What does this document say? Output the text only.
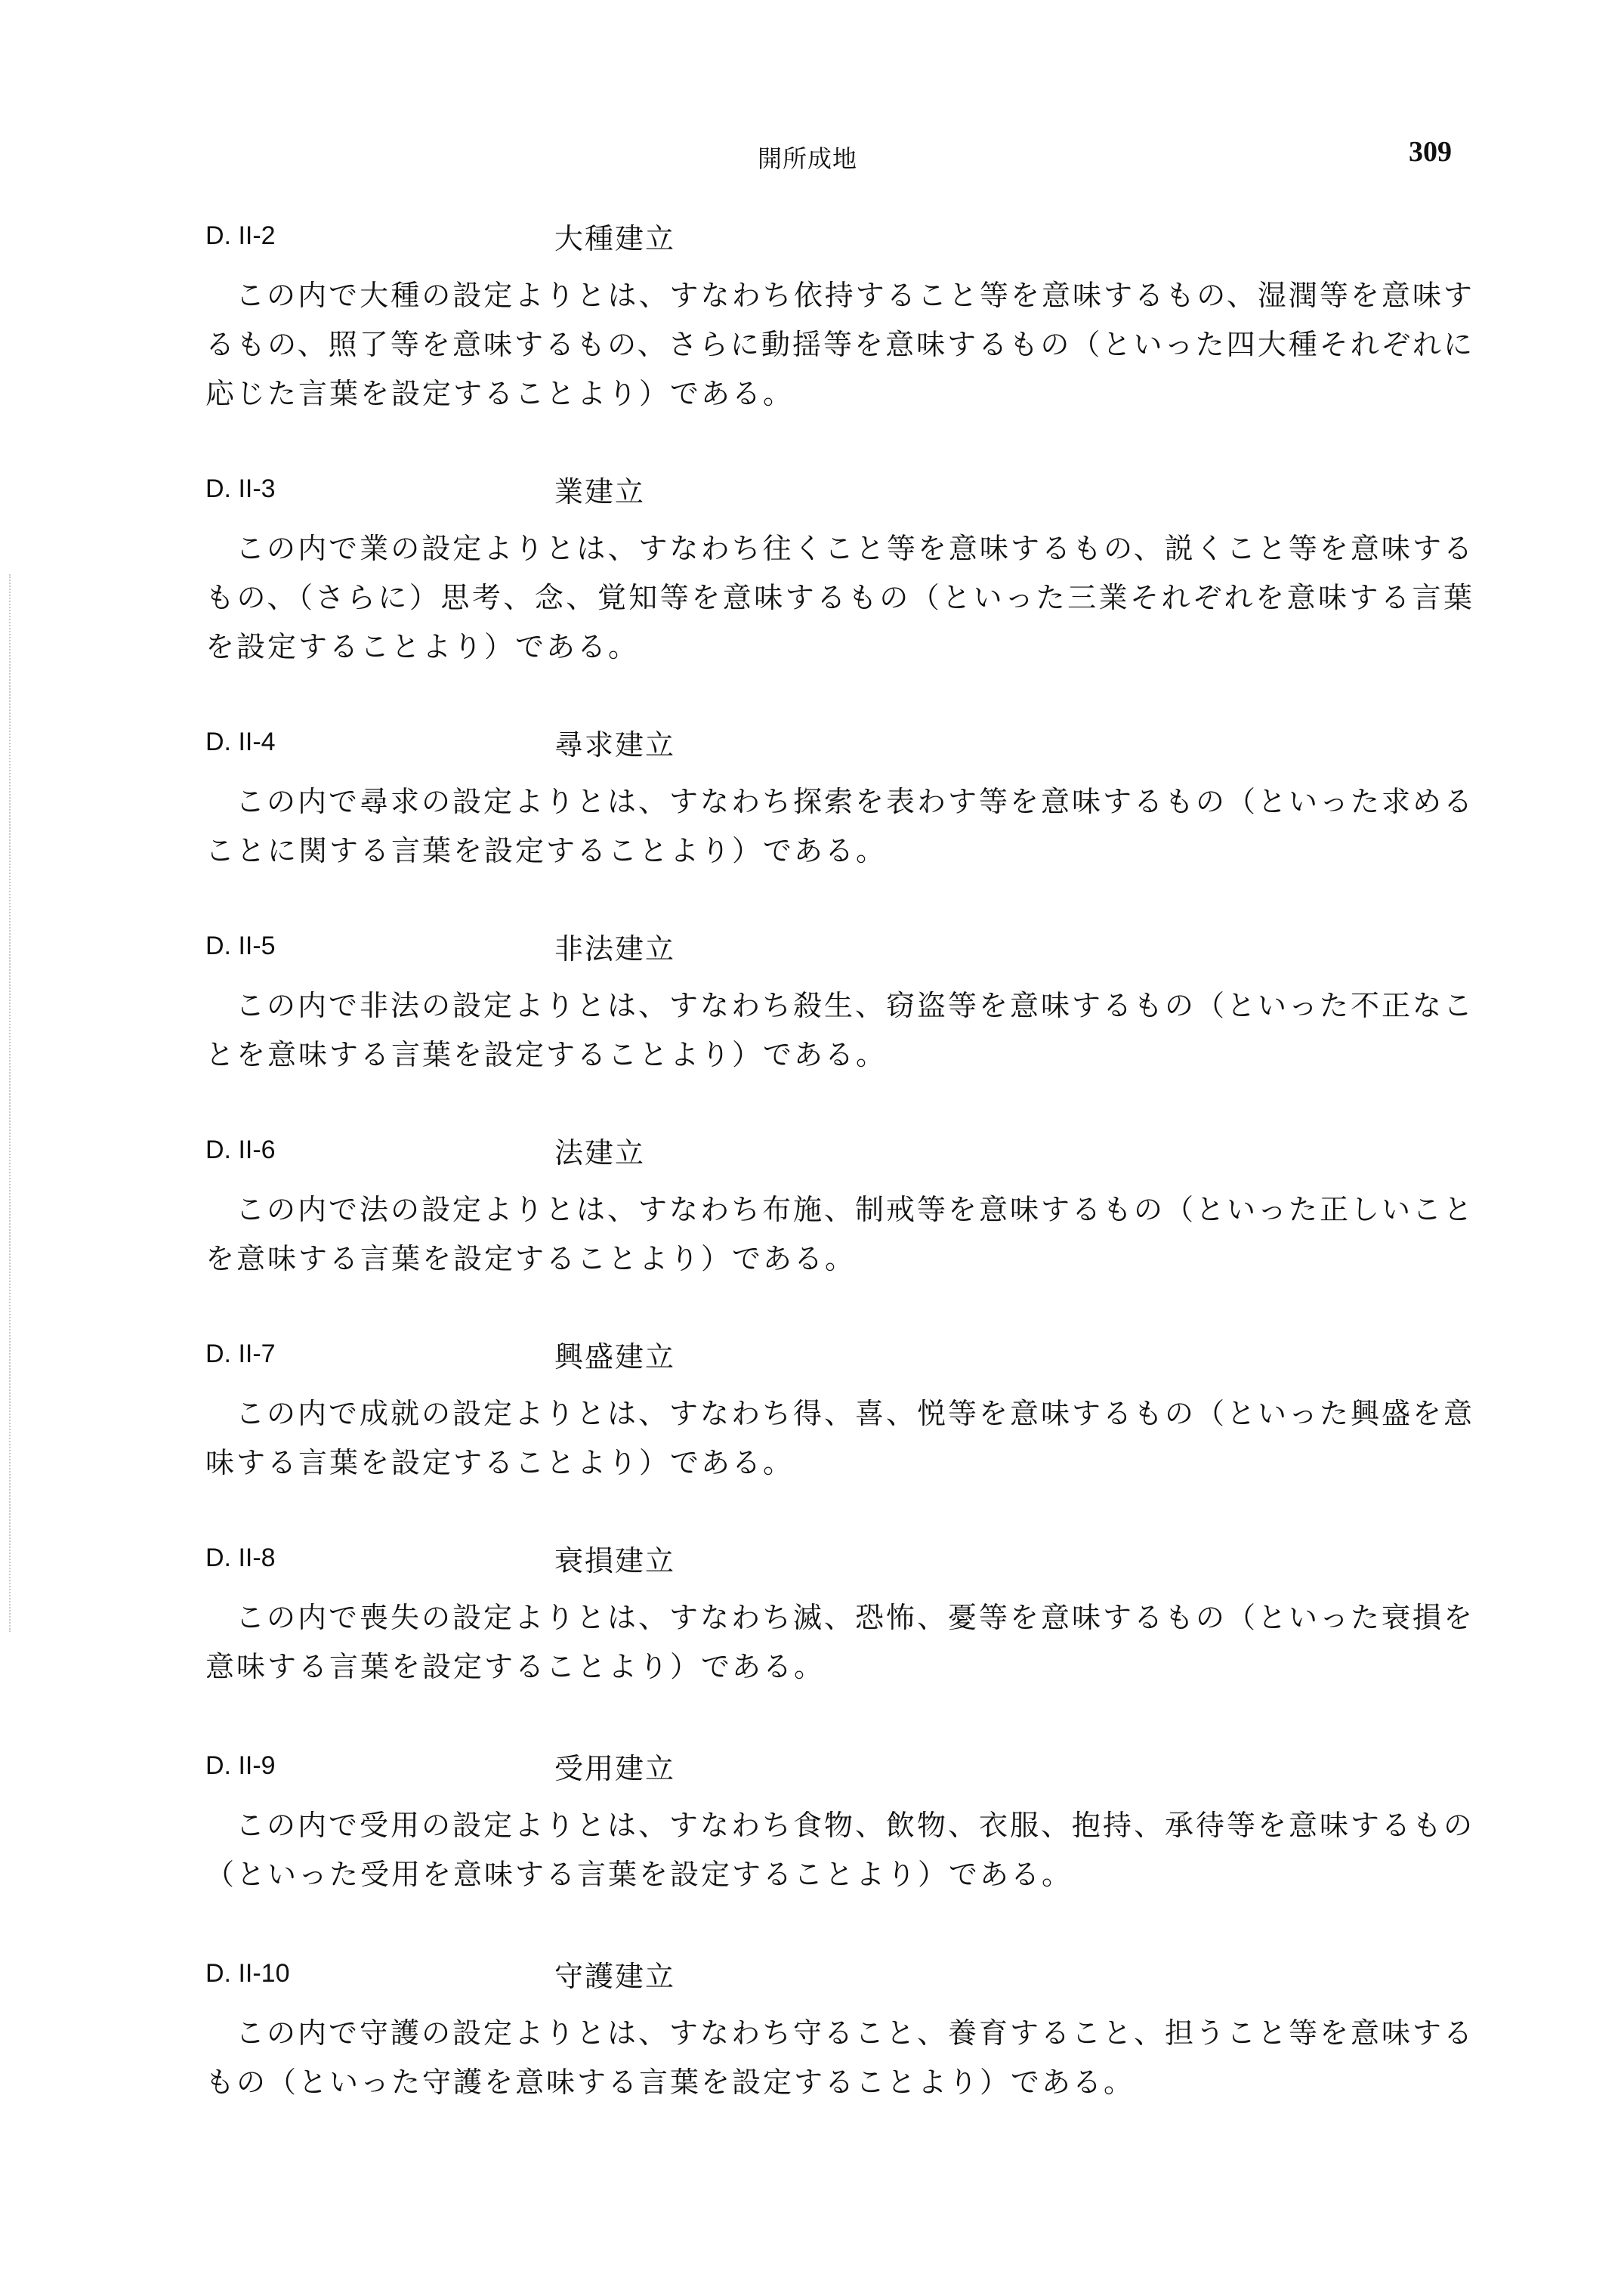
開所成地	309
D. II-2	大種建立

この内で大種の設定よりとは、すなわち依持すること等を意味するもの、湿潤等を意味するもの、照了等を意味するもの、さらに動揺等を意味するもの（といった四大種それぞれに応じた言葉を設定することより）である。

D. II-3	業建立

この内で業の設定よりとは、すなわち往くこと等を意味するもの、説くこと等を意味するもの、（さらに）思考、念、覚知等を意味するもの（といった三業それぞれを意味する言葉を設定することより）である。

D. II-4	尋求建立

この内で尋求の設定よりとは、すなわち探索を表わす等を意味するもの（といった求めることに関する言葉を設定することより）である。

D. II-5	非法建立

この内で非法の設定よりとは、すなわち殺生、窃盗等を意味するもの（といった不正なことを意味する言葉を設定することより）である。

D. II-6	法建立

この内で法の設定よりとは、すなわち布施、制戒等を意味するもの（といった正しいことを意味する言葉を設定することより）である。

D. II-7	興盛建立

この内で成就の設定よりとは、すなわち得、喜、悦等を意味するもの（といった興盛を意味する言葉を設定することより）である。

D. II-8	衰損建立

この内で喪失の設定よりとは、すなわち滅、恐怖、憂等を意味するもの（といった衰損を意味する言葉を設定することより）である。

D. II-9	受用建立

この内で受用の設定よりとは、すなわち食物、飲物、衣服、抱持、承待等を意味するもの（といった受用を意味する言葉を設定することより）である。

D. II-10	守護建立

この内で守護の設定よりとは、すなわち守ること、養育すること、担うこと等を意味するもの（といった守護を意味する言葉を設定することより）である。
